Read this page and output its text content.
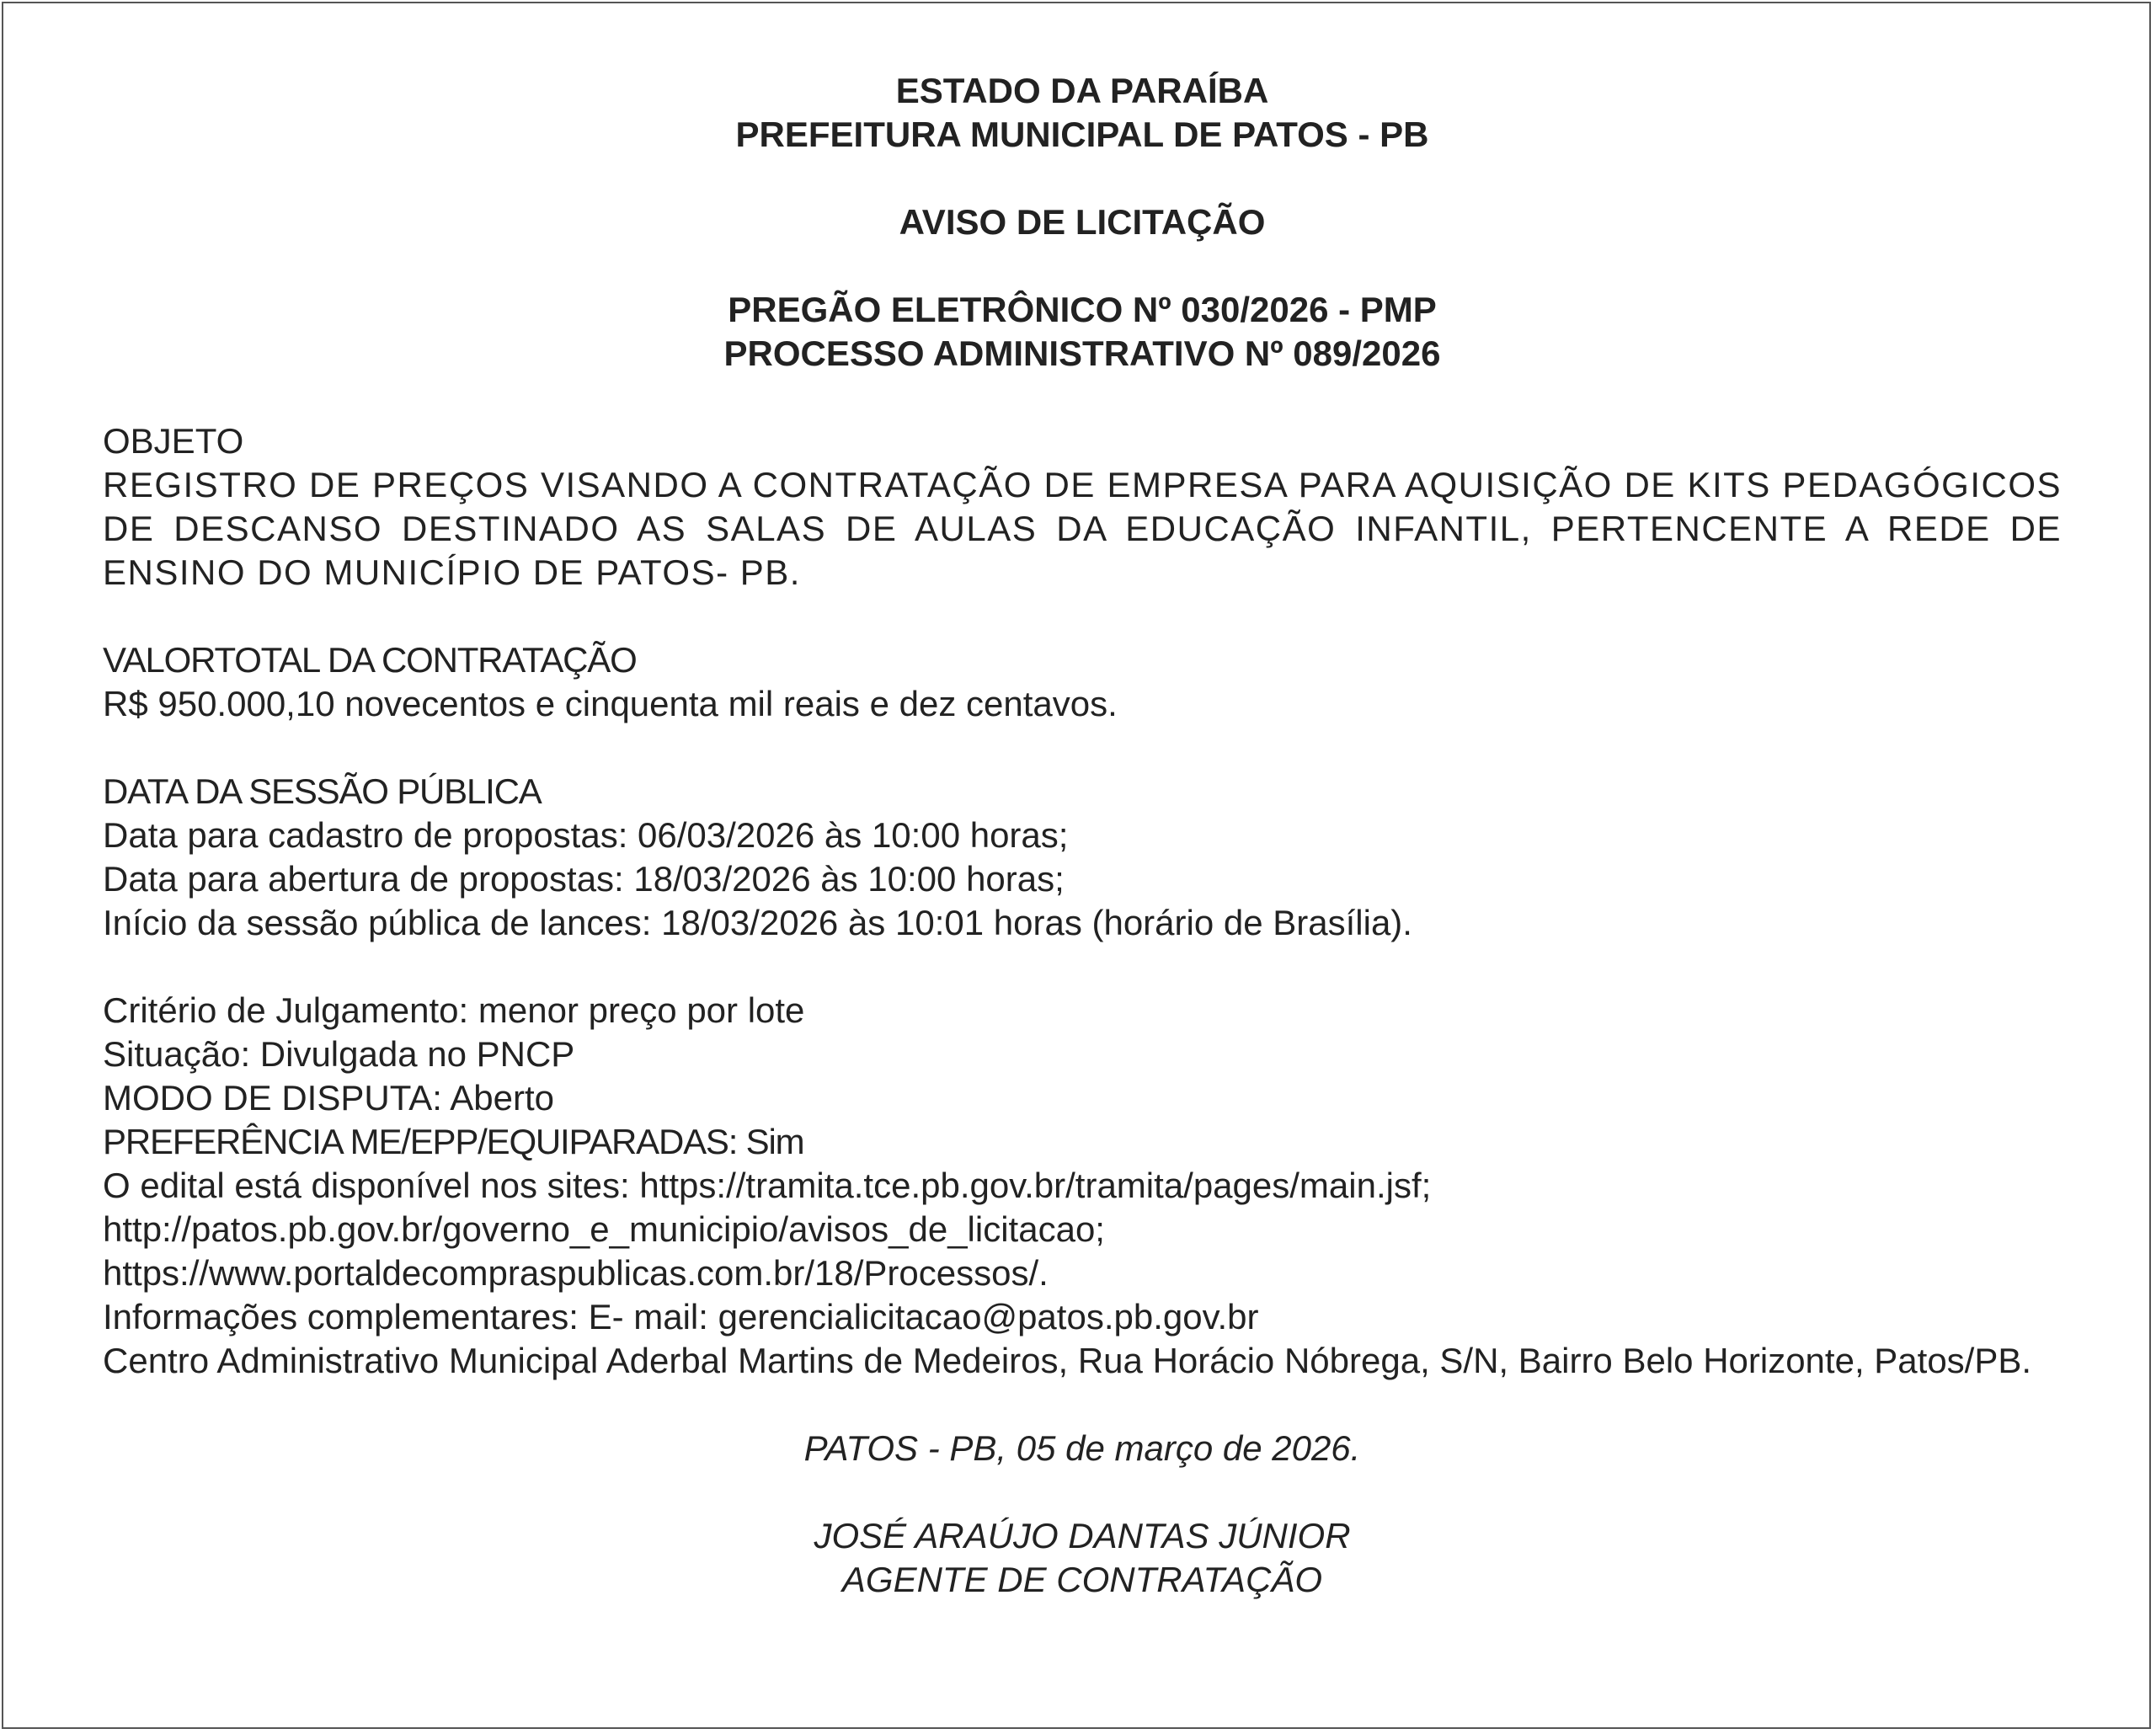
ESTADO DA PARAÍBA
PREFEITURA MUNICIPAL DE PATOS - PB
AVISO DE LICITAÇÃO
PREGÃO ELETRÔNICO Nº 030/2026 - PMP
PROCESSO ADMINISTRATIVO Nº 089/2026
OBJETO

REGISTRO DE PREÇOS VISANDO A CONTRATAÇÃO DE EMPRESA PARA AQUISIÇÃO DE KITS PEDAGÓGICOS DE DESCANSO DESTINADO AS SALAS DE AULAS DA EDUCAÇÃO INFANTIL, PERTENCENTE A REDE DE ENSINO DO MUNICÍPIO DE PATOS- PB.

VALORTOTAL DA CONTRATAÇÃO
R$ 950.000,10 novecentos e cinquenta mil reais e dez centavos.
DATA DA SESSÃO PÚBLICA
Data para cadastro de propostas: 06/03/2026 às 10:00 horas;
Data para abertura de propostas: 18/03/2026 às 10:00 horas;
Início da sessão pública de lances: 18/03/2026 às 10:01 horas (horário de Brasília).
Critério de Julgamento: menor preço por lote
Situação: Divulgada no PNCP
MODO DE DISPUTA: Aberto
PREFERÊNCIA ME/EPP/EQUIPARADAS: Sim
O edital está disponível nos sites: https://tramita.tce.pb.gov.br/tramita/pages/main.jsf;
http://patos.pb.gov.br/governo_e_municipio/avisos_de_licitacao;
https://www.portaldecompraspublicas.com.br/18/Processos/.
Informações complementares: E- mail: gerencialicitacao@patos.pb.gov.br

Centro Administrativo Municipal Aderbal Martins de Medeiros, Rua Horácio Nóbrega, S/N, Bairro Belo Horizonte, Patos/PB.

PATOS - PB, 05 de março de 2026.
JOSÉ ARAÚJO DANTAS JÚNIOR
AGENTE DE CONTRATAÇÃO
